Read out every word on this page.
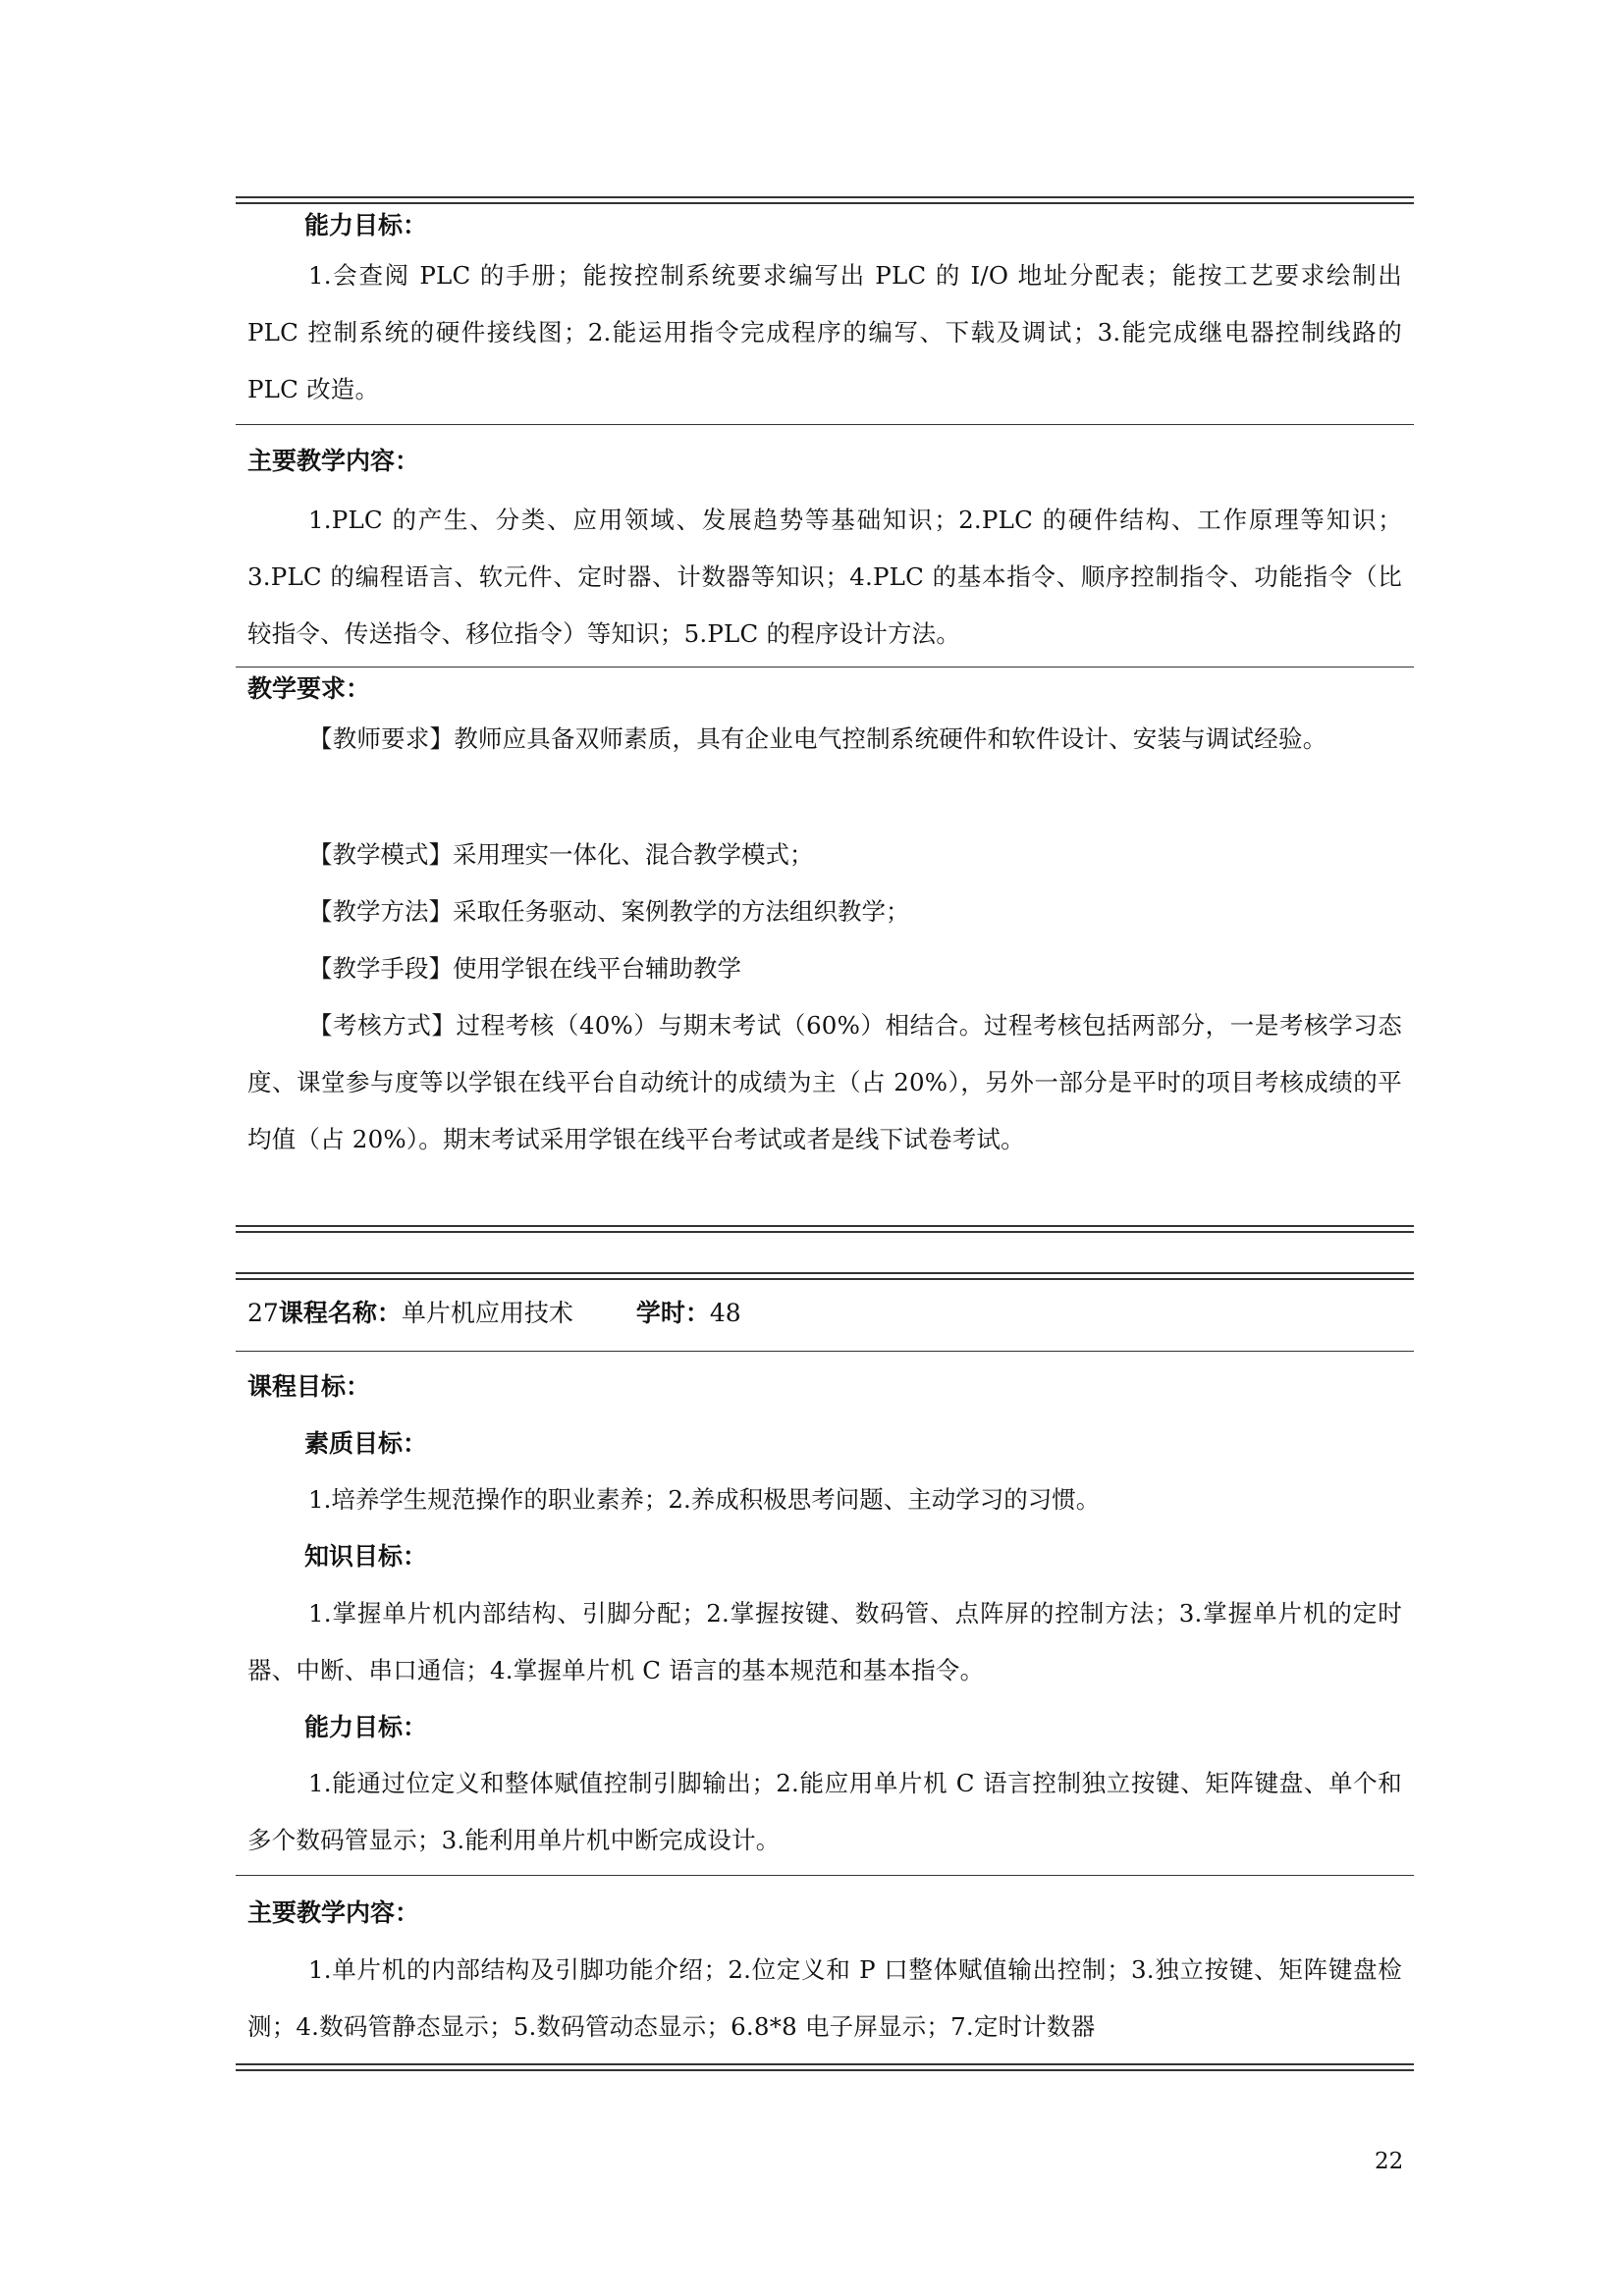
能力目标：
1.会查阅 PLC 的手册；能按控制系统要求编写出 PLC 的 I/O 地址分配表；能按工艺要求绘制出 PLC 控制系统的硬件接线图；2.能运用指令完成程序的编写、下载及调试；3.能完成继电器控制线路的 PLC 改造。
主要教学内容：
1.PLC 的产生、分类、应用领域、发展趋势等基础知识；2.PLC 的硬件结构、工作原理等知识；3.PLC 的编程语言、软元件、定时器、计数器等知识；4.PLC 的基本指令、顺序控制指令、功能指令（比较指令、传送指令、移位指令）等知识；5.PLC 的程序设计方法。
教学要求：
【教师要求】教师应具备双师素质，具有企业电气控制系统硬件和软件设计、安装与调试经验。
【教学模式】采用理实一体化、混合教学模式；
【教学方法】采取任务驱动、案例教学的方法组织教学；
【教学手段】使用学银在线平台辅助教学
【考核方式】过程考核（40%）与期末考试（60%）相结合。过程考核包括两部分，一是考核学习态度、课堂参与度等以学银在线平台自动统计的成绩为主（占 20%），另外一部分是平时的项目考核成绩的平均值（占 20%）。期末考试采用学银在线平台考试或者是线下试卷考试。
27课程名称：单片机应用技术	学时：48
课程目标：
素质目标：
1.培养学生规范操作的职业素养；2.养成积极思考问题、主动学习的习惯。
知识目标：
1.掌握单片机内部结构、引脚分配；2.掌握按键、数码管、点阵屏的控制方法；3.掌握单片机的定时器、中断、串口通信；4.掌握单片机 C 语言的基本规范和基本指令。
能力目标：
1.能通过位定义和整体赋值控制引脚输出；2.能应用单片机 C 语言控制独立按键、矩阵键盘、单个和多个数码管显示；3.能利用单片机中断完成设计。
主要教学内容：
1.单片机的内部结构及引脚功能介绍；2.位定义和 P 口整体赋值输出控制；3.独立按键、矩阵键盘检测；4.数码管静态显示；5.数码管动态显示；6.8*8 电子屏显示；7.定时计数器
22
